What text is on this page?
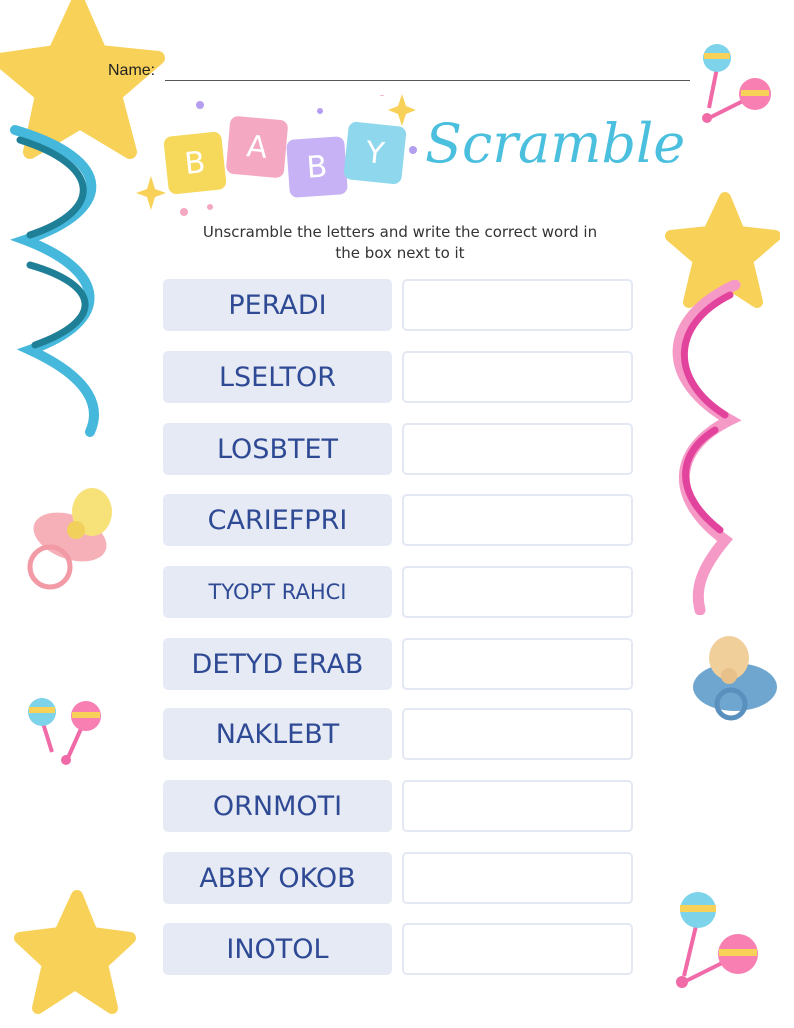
Name:
B	A
B	Y Scramble
Unscramble the letters and write the correct word in the box next to it
PERADI
LSELTOR
LOSBTET
CARIEFPRI
TYOPT RAHCI
DETYD ERAB
NAKLEBT
ORNMOTI
ABBY OKOB
INOTOL
